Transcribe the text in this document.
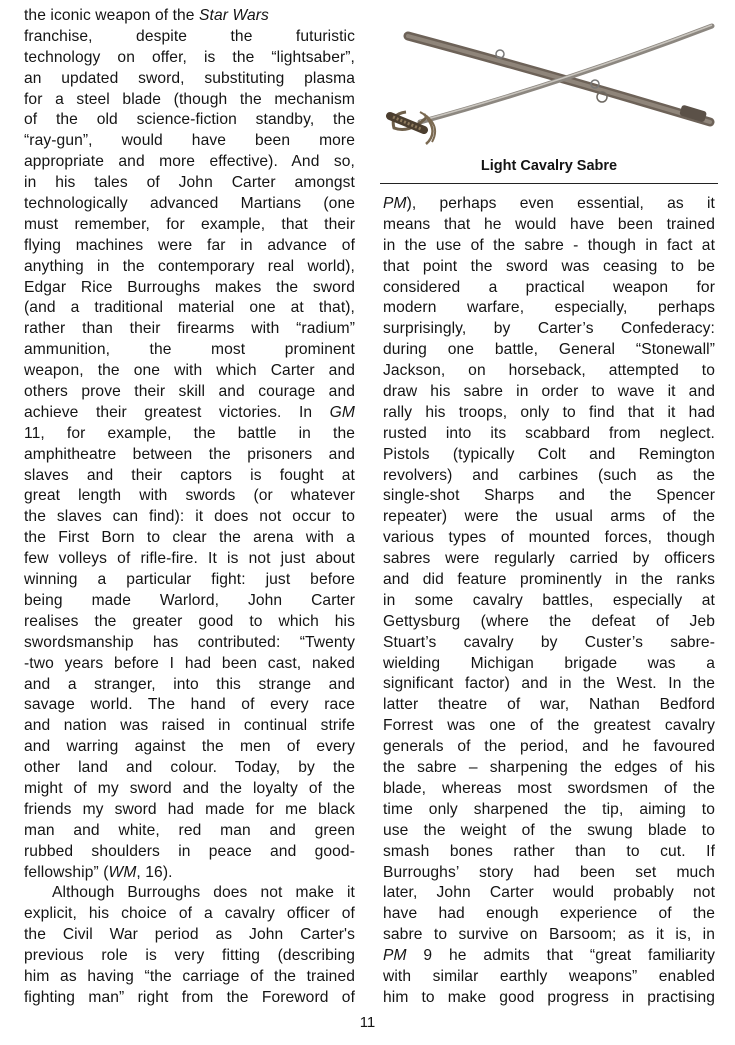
the iconic weapon of the Star Wars
franchise, despite the futuristic
technology on offer, is the “lightsaber”,
an updated sword, substituting plasma
for a steel blade (though the mechanism
of the old science-fiction standby, the
“ray-gun”, would have been more
appropriate and more effective). And so,
in his tales of John Carter amongst
technologically advanced Martians (one
must remember, for example, that their
flying machines were far in advance of
anything in the contemporary real world),
Edgar Rice Burroughs makes the sword
(and a traditional material one at that),
rather than their firearms with “radium”
ammunition, the most prominent
weapon, the one with which Carter and
others prove their skill and courage and
achieve their greatest victories. In GM
11, for example, the battle in the
amphitheatre between the prisoners and
slaves and their captors is fought at
great length with swords (or whatever
the slaves can find): it does not occur to
the First Born to clear the arena with a
few volleys of rifle-fire. It is not just about
winning a particular fight: just before
being made Warlord, John Carter
realises the greater good to which his
swordsmanship has contributed: “Twenty
-two years before I had been cast, naked
and a stranger, into this strange and
savage world. The hand of every race
and nation was raised in continual strife
and warring against the men of every
other land and colour. Today, by the
might of my sword and the loyalty of the
friends my sword had made for me black
man and white, red man and green
rubbed shoulders in peace and good-
fellowship” (WM, 16).
Although Burroughs does not make it
explicit, his choice of a cavalry officer of
the Civil War period as John Carter's
previous role is very fitting (describing
him as having “the carriage of the trained
fighting man” right from the Foreword of
Light Cavalry Sabre
PM), perhaps even essential, as it
means that he would have been trained
in the use of the sabre - though in fact at
that point the sword was ceasing to be
considered a practical weapon for
modern warfare, especially, perhaps
surprisingly, by Carter’s Confederacy:
during one battle, General “Stonewall”
Jackson, on horseback, attempted to
draw his sabre in order to wave it and
rally his troops, only to find that it had
rusted into its scabbard from neglect.
Pistols (typically Colt and Remington
revolvers) and carbines (such as the
single-shot Sharps and the Spencer
repeater) were the usual arms of the
various types of mounted forces, though
sabres were regularly carried by officers
and did feature prominently in the ranks
in some cavalry battles, especially at
Gettysburg (where the defeat of Jeb
Stuart’s cavalry by Custer’s sabre-
wielding Michigan brigade was a
significant factor) and in the West. In the
latter theatre of war, Nathan Bedford
Forrest was one of the greatest cavalry
generals of the period, and he favoured
the sabre – sharpening the edges of his
blade, whereas most swordsmen of the
time only sharpened the tip, aiming to
use the weight of the swung blade to
smash bones rather than to cut. If
Burroughs’ story had been set much
later, John Carter would probably not
have had enough experience of the
sabre to survive on Barsoom; as it is, in
PM 9 he admits that “great familiarity
with similar earthly weapons” enabled
him to make good progress in practising
11
